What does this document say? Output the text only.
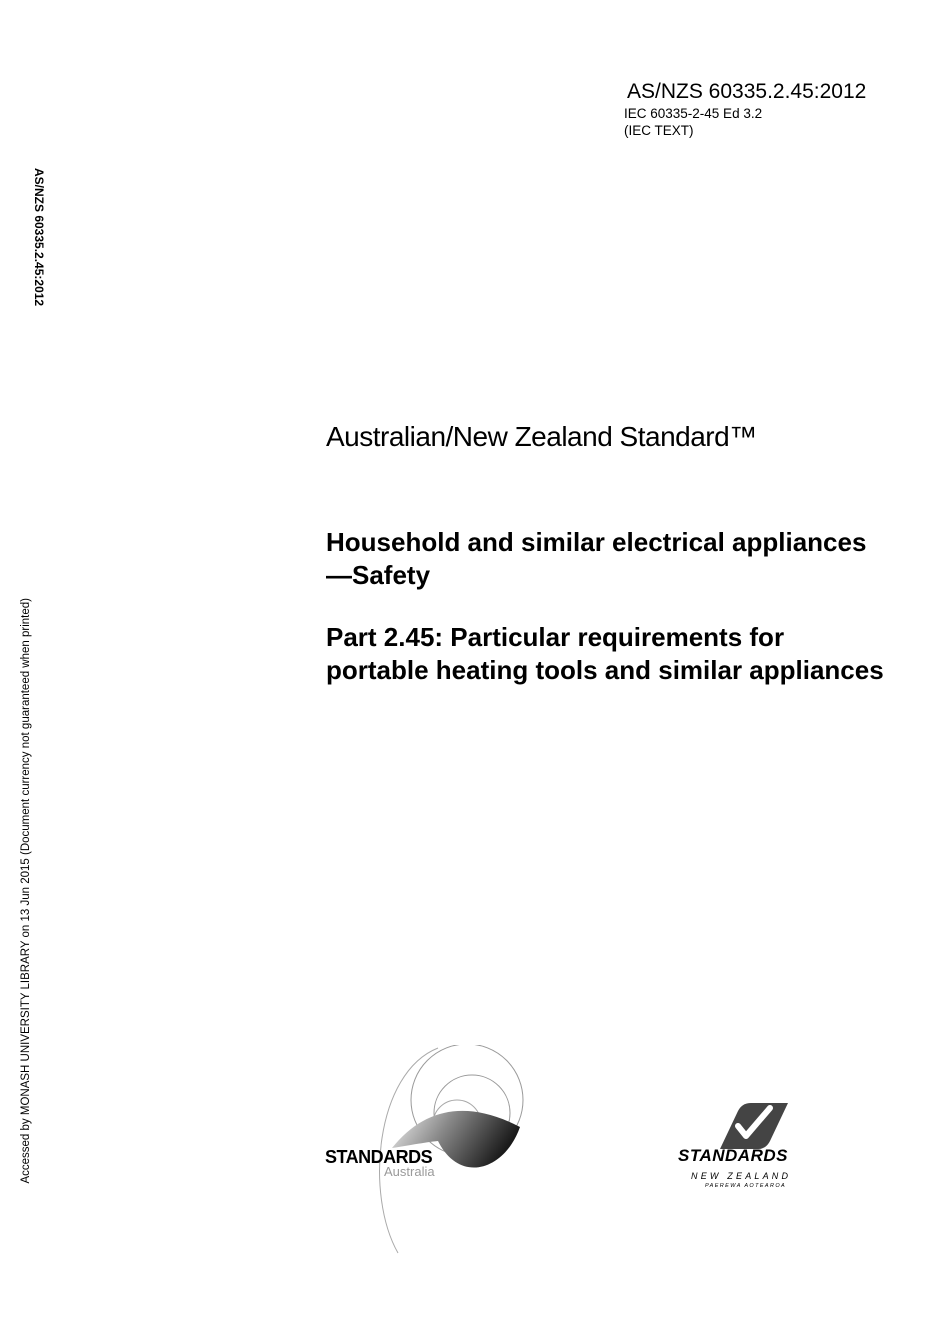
AS/NZS 60335.2.45:2012
IEC 60335-2-45 Ed 3.2
(IEC TEXT)
AS/NZS 60335.2.45:2012
Accessed by MONASH UNIVERSITY LIBRARY on 13 Jun 2015 (Document currency not guaranteed when printed)
Australian/New Zealand Standard™
Household and similar electrical appliances—Safety
Part 2.45: Particular requirements for portable heating tools and similar appliances
STANDARDS
Australia
STANDARDS
NEW ZEALAND
PAEREWA AOTEAROA
